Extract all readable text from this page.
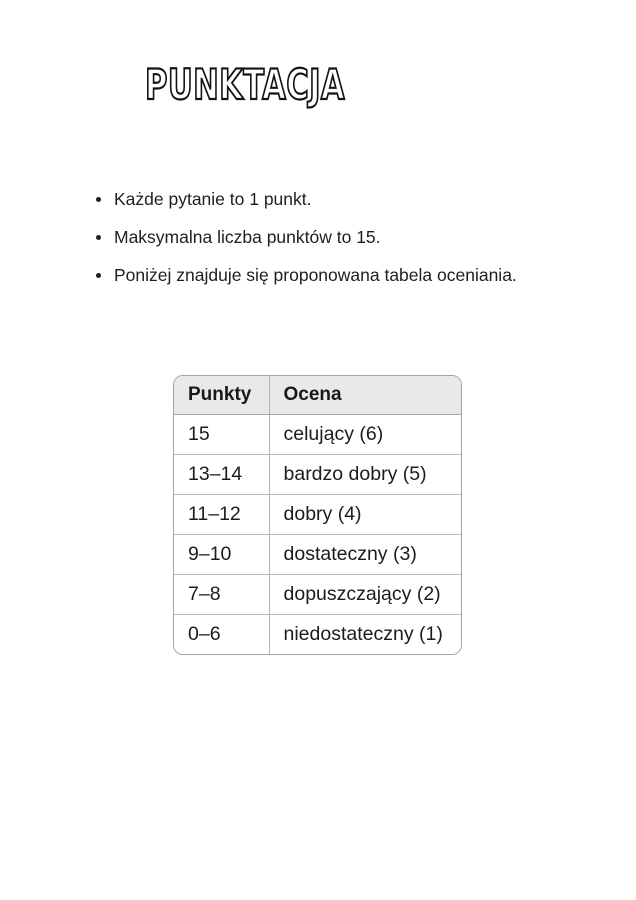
PUNKTACJA
Każde pytanie to 1 punkt.
Maksymalna liczba punktów to 15.
Poniżej znajduje się proponowana tabela oceniania.
Punkty	Ocena
15	celujący (6)
13–14	bardzo dobry (5)
11–12	dobry (4)
9–10	dostateczny (3)
7–8	dopuszczający (2)
0–6	niedostateczny (1)
